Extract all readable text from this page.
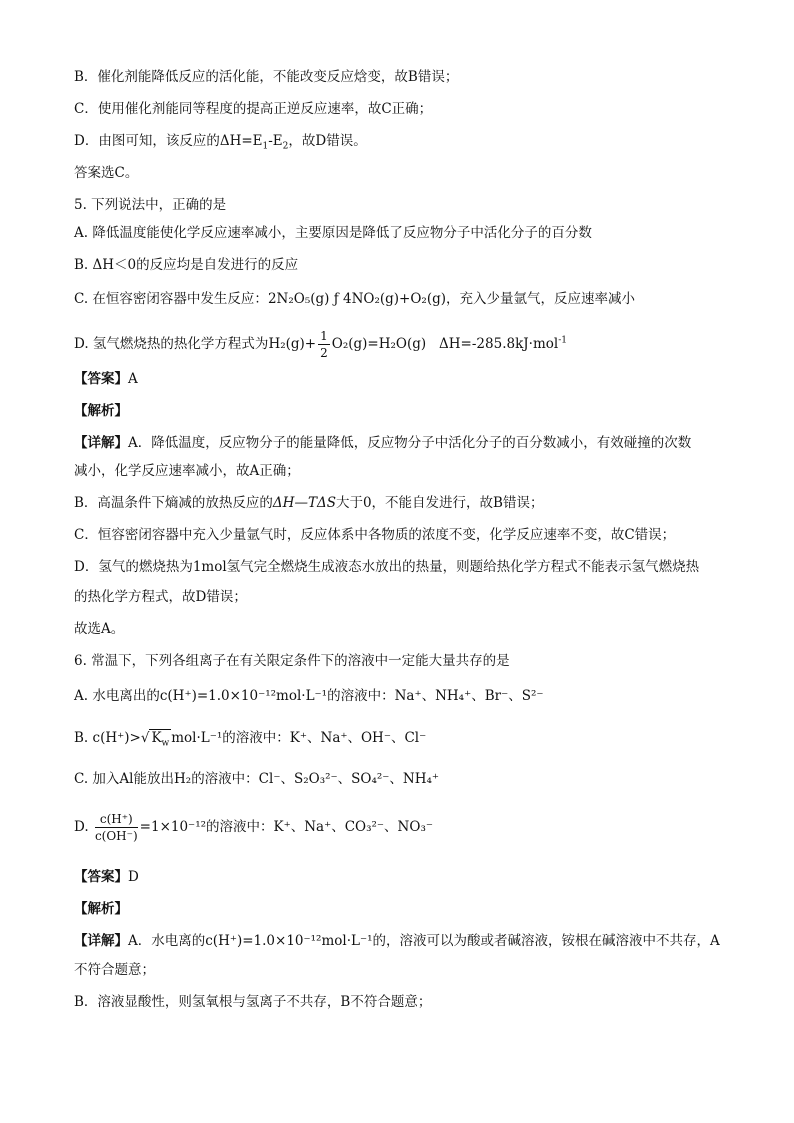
B．催化剂能降低反应的活化能，不能改变反应焓变，故B错误；
C．使用催化剂能同等程度的提高正逆反应速率，故C正确；
D．由图可知，该反应的$\Delta H=E_1-E_2$，故D错误。
答案选C。
5. 下列说法中，正确的是
A. 降低温度能使化学反应速率减小，主要原因是降低了反应物分子中活化分子的百分数
B. ΔH＜0的反应均是自发进行的反应
C. 在恒容密闭容器中发生反应：2N₂O₅(g) ƒ 4NO₂(g)+O₂(g)，充入少量氩气，反应速率减小
D. 氢气燃烧热的热化学方程式为$H_2(g)+ \frac{1}{2} O_2(g)=H_2O(g)$ ΔH=-285.8kJ·mol$^{-1}$
【答案】A
【解析】
【详解】A．降低温度，反应物分子的能量降低，反应物分子中活化分子的百分数减小，有效碰撞的次数
减小，化学反应速率减小，故A正确；
B．高温条件下熵减的放热反应的ΔH—TΔS大于0，不能自发进行，故B错误；
C．恒容密闭容器中充入少量氩气时，反应体系中各物质的浓度不变，化学反应速率不变，故C错误；
D．氢气的燃烧热为1mol氢气完全燃烧生成液态水放出的热量，则题给热化学方程式不能表示氢气燃烧热
的热化学方程式，故D错误；
故选A。
6. 常温下，下列各组离子在有关限定条件下的溶液中一定能大量共存的是
A. 水电离出的c(H⁺)=1.0×10⁻¹²mol·L⁻¹的溶液中：Na⁺、NH₄⁺、Br⁻、S²⁻
B. c(H⁺)>√ $K_w$ mol·L⁻¹的溶液中：K⁺、Na⁺、OH⁻、Cl⁻
C. 加入Al能放出H₂的溶液中：Cl⁻、S₂O₃²⁻、SO₄²⁻、NH₄⁺
D. $\frac{c(H^+)}{c(OH^-)} =1\times 10^{-12}$的溶液中：K⁺、Na⁺、CO₃²⁻、NO₃⁻
【答案】D
【解析】
【详解】A．水电离的c(H⁺)=1.0×10⁻¹²mol·L⁻¹的，溶液可以为酸或者碱溶液，铵根在碱溶液中不共存，A
不符合题意；
B．溶液显酸性，则氢氧根与氢离子不共存，B不符合题意；
